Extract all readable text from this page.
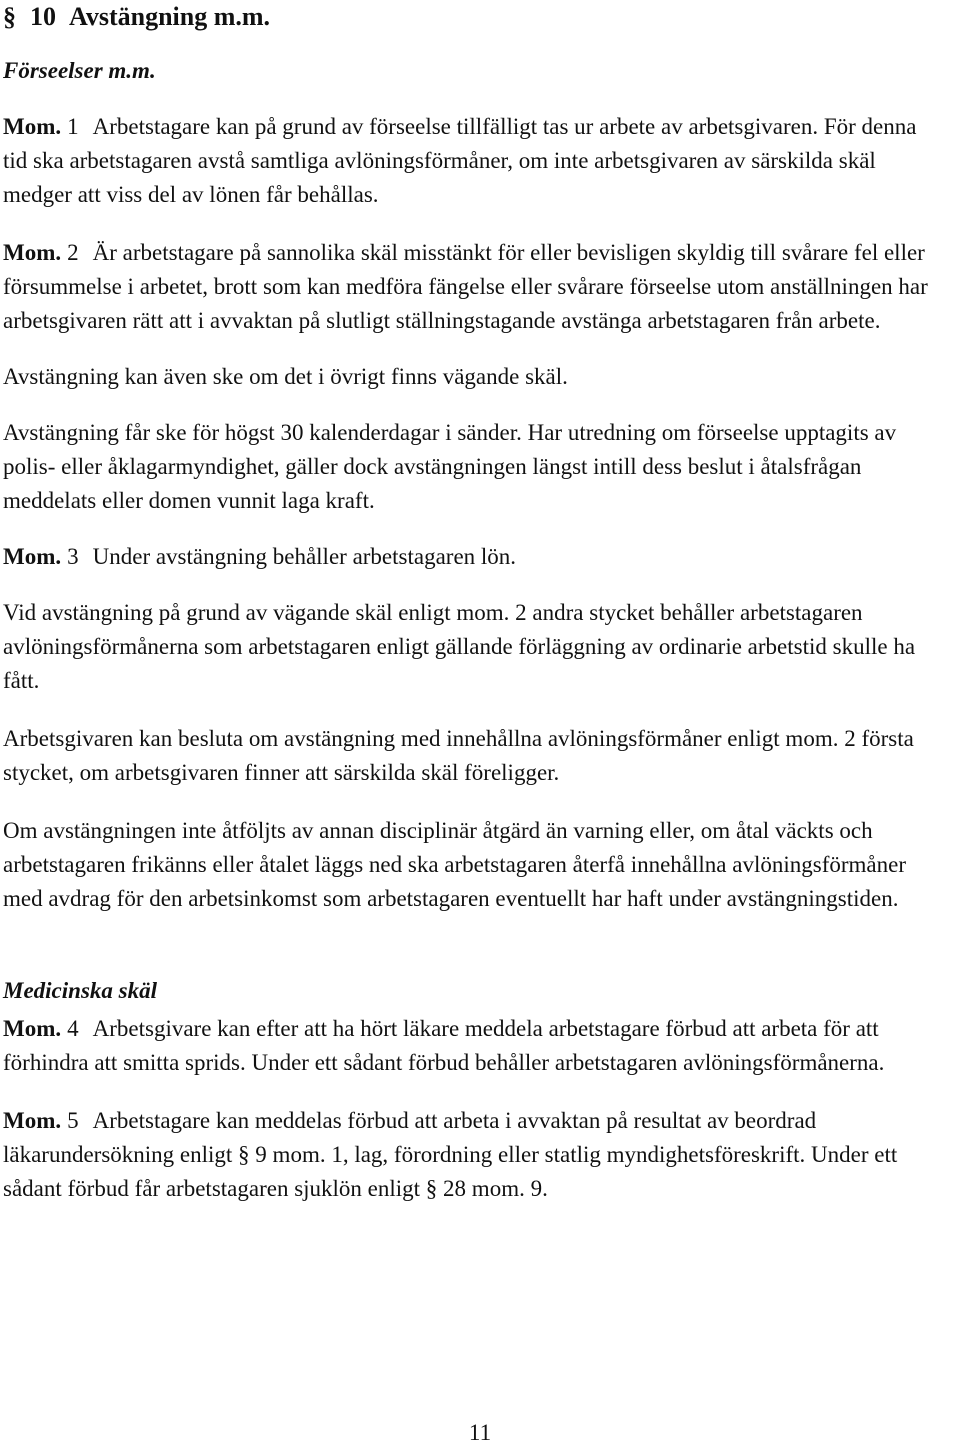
§ 10 Avstängning m.m.
Förseelser m.m.

Mom. 1 Arbetstagare kan på grund av förseelse tillfälligt tas ur arbete av arbetsgivaren. För denna tid ska arbetstagaren avstå samtliga avlöningsförmåner, om inte arbetsgivaren av särskilda skäl medger att viss del av lönen får behållas.

Mom. 2 Är arbetstagare på sannolika skäl misstänkt för eller bevisligen skyldig till svårare fel eller försummelse i arbetet, brott som kan medföra fängelse eller svårare förseelse utom anställningen har arbetsgivaren rätt att i avvaktan på slutligt ställningstagande avstänga arbetstagaren från arbete.

Avstängning kan även ske om det i övrigt finns vägande skäl.

Avstängning får ske för högst 30 kalenderdagar i sänder. Har utredning om förseelse upptagits av polis- eller åklagarmyndighet, gäller dock avstängningen längst intill dess beslut i åtalsfrågan meddelats eller domen vunnit laga kraft.

Mom. 3 Under avstängning behåller arbetstagaren lön.

Vid avstängning på grund av vägande skäl enligt mom. 2 andra stycket behåller arbetstagaren avlöningsförmånerna som arbetstagaren enligt gällande förläggning av ordinarie arbetstid skulle ha fått.

Arbetsgivaren kan besluta om avstängning med innehållna avlöningsförmåner enligt mom. 2 första stycket, om arbetsgivaren finner att särskilda skäl föreligger.

Om avstängningen inte åtföljts av annan disciplinär åtgärd än varning eller, om åtal väckts och arbetstagaren frikänns eller åtalet läggs ned ska arbetstagaren återfå innehållna avlöningsförmåner med avdrag för den arbetsinkomst som arbetstagaren eventuellt har haft under avstängningstiden.

Medicinska skäl

Mom. 4 Arbetsgivare kan efter att ha hört läkare meddela arbetstagare förbud att arbeta för att förhindra att smitta sprids. Under ett sådant förbud behåller arbetstagaren avlöningsförmånerna.

Mom. 5 Arbetstagare kan meddelas förbud att arbeta i avvaktan på resultat av beordrad läkarundersökning enligt § 9 mom. 1, lag, förordning eller statlig myndighetsföreskrift. Under ett sådant förbud får arbetstagaren sjuklön enligt § 28 mom. 9.

11
